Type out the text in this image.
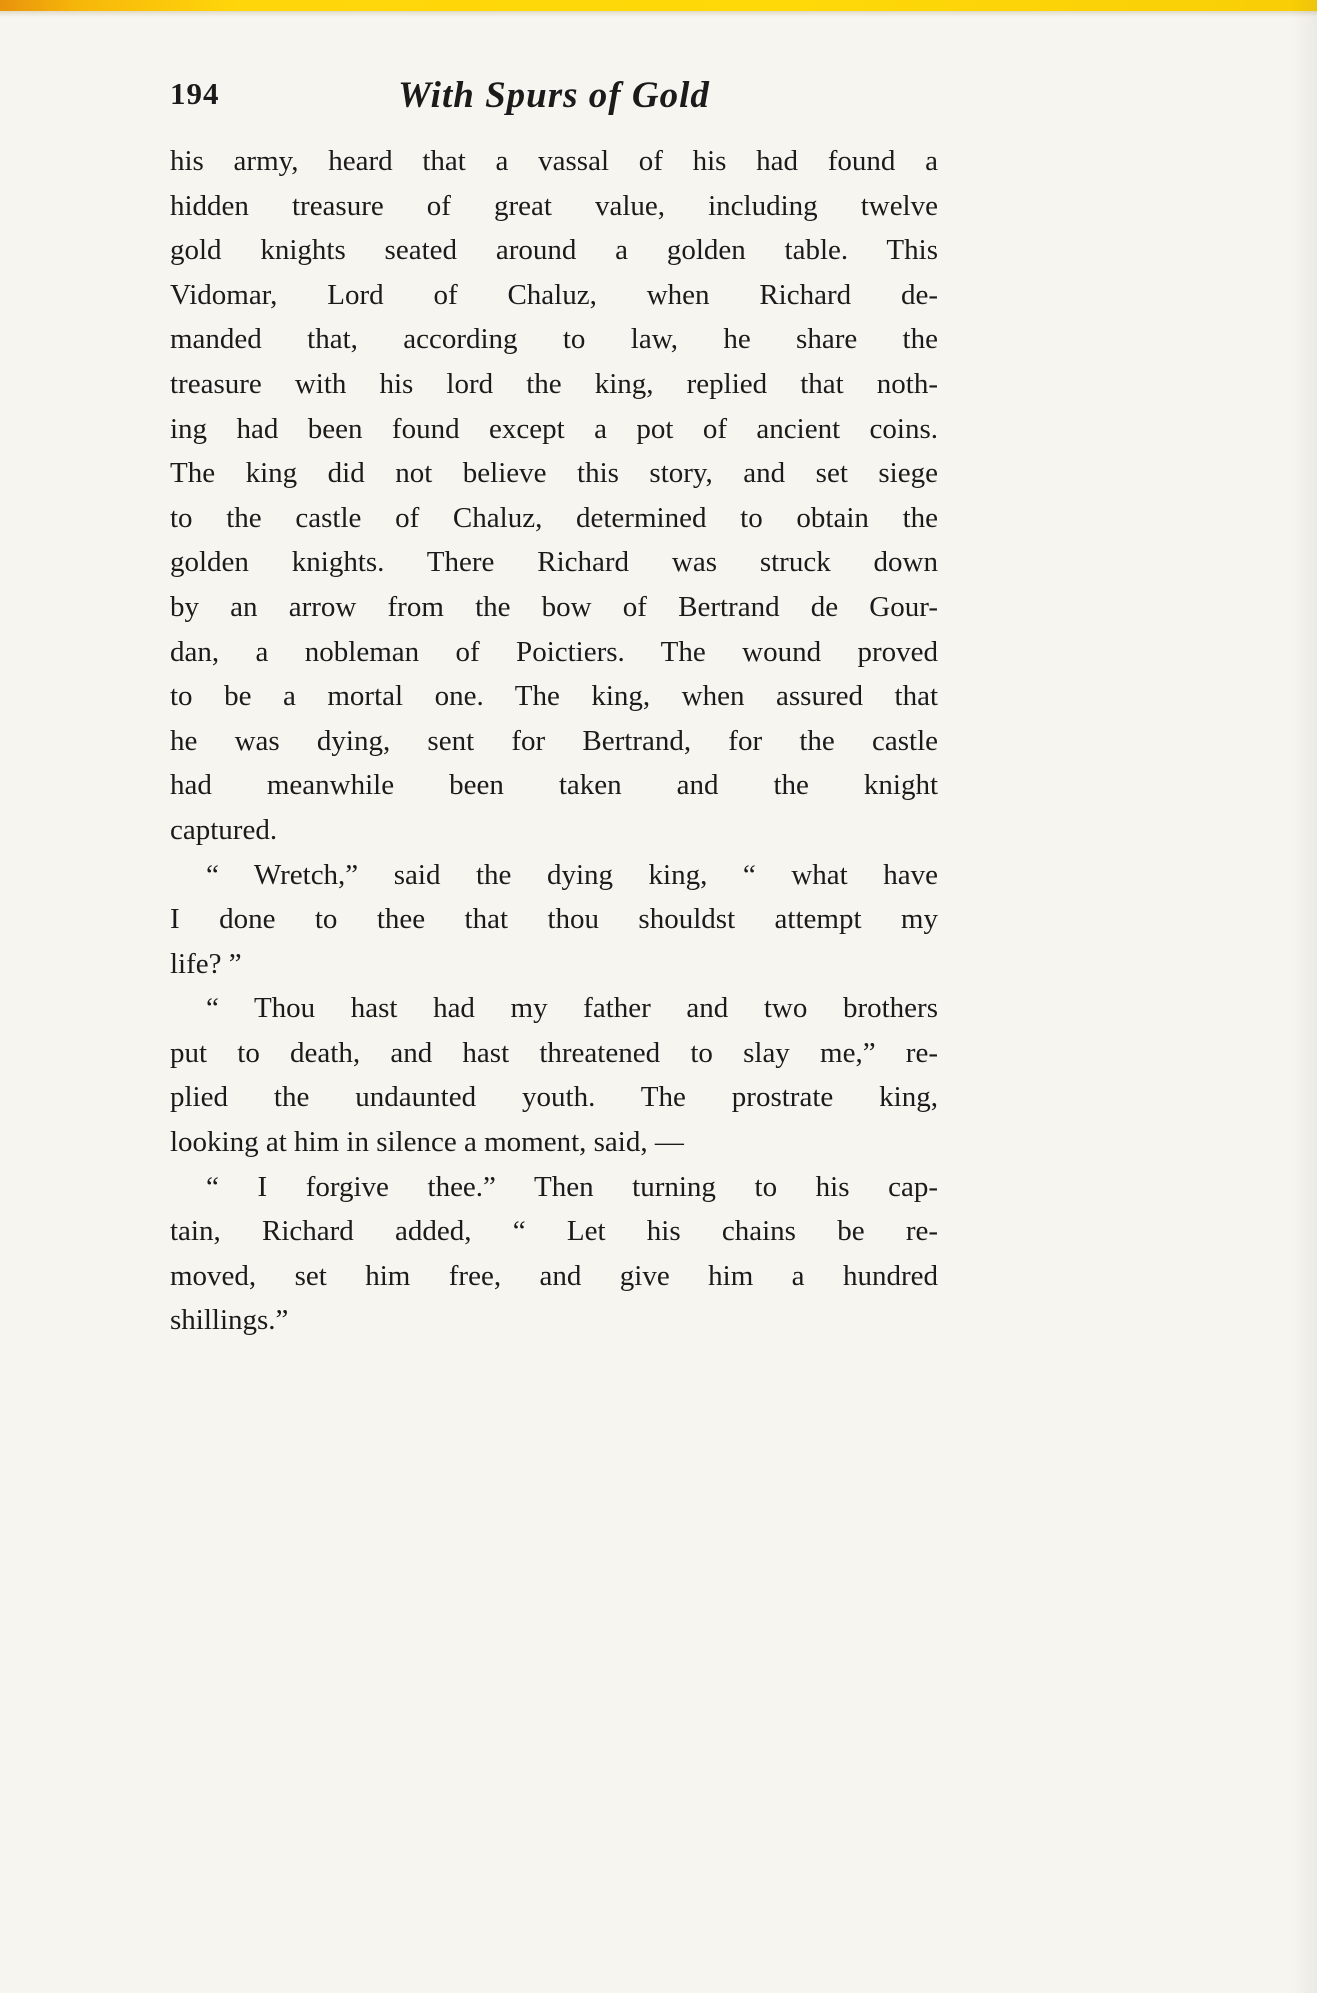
194	With Spurs of Gold
his army, heard that a vassal of his had found a
hidden treasure of great value, including twelve
gold knights seated around a golden table. This
Vidomar, Lord of Chaluz, when Richard de-
manded that, according to law, he share the
treasure with his lord the king, replied that noth-
ing had been found except a pot of ancient coins.
The king did not believe this story, and set siege
to the castle of Chaluz, determined to obtain the
golden knights. There Richard was struck down
by an arrow from the bow of Bertrand de Gour-
dan, a nobleman of Poictiers. The wound proved
to be a mortal one. The king, when assured that
he was dying, sent for Bertrand, for the castle
had meanwhile been taken and the knight
captured.
“ Wretch,” said the dying king, “ what have
I done to thee that thou shouldst attempt my
life? ”
“ Thou hast had my father and two brothers
put to death, and hast threatened to slay me,” re-
plied the undaunted youth. The prostrate king,
looking at him in silence a moment, said, —
“ I forgive thee.” Then turning to his cap-
tain, Richard added, “ Let his chains be re-
moved, set him free, and give him a hundred
shillings.”
